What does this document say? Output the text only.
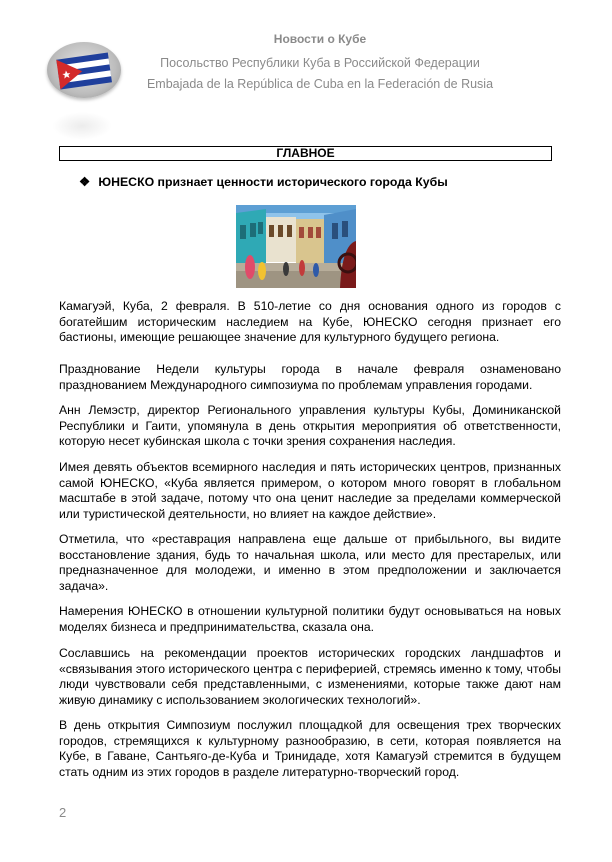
Новости о Кубе
Посольство Республики Куба в Российской Федерации
Embajada de la República de Cuba en la Federación de Rusia
ГЛАВНОЕ
❖ ЮНЕСКО признает ценности исторического города Кубы
Камагуэй, Куба, 2 февраля. В 510-летие со дня основания одного из городов с богатейшим историческим наследием на Кубе, ЮНЕСКО сегодня признает его бастионы, имеющие решающее значение для культурного будущего региона.
Празднование Недели культуры города в начале февраля ознаменовано празднованием Международного симпозиума по проблемам управления городами.
Анн Лемэстр, директор Регионального управления культуры Кубы, Доминиканской Республики и Гаити, упомянула в день открытия мероприятия об ответственности, которую несет кубинская школа с точки зрения сохранения наследия.
Имея девять объектов всемирного наследия и пять исторических центров, признанных самой ЮНЕСКО, «Куба является примером, о котором много говорят в глобальном масштабе в этой задаче, потому что она ценит наследие за пределами коммерческой или туристической деятельности, но влияет на каждое действие».
Отметила, что «реставрация направлена еще дальше от прибыльного, вы видите восстановление здания, будь то начальная школа, или место для престарелых, или предназначенное для молодежи, и именно в этом предположении и заключается задача».
Намерения ЮНЕСКО в отношении культурной политики будут основываться на новых моделях бизнеса и предпринимательства, сказала она.
Сославшись на рекомендации проектов исторических городских ландшафтов и «связывания этого исторического центра с периферией, стремясь именно к тому, чтобы люди чувствовали себя представленными, с изменениями, которые также дают нам живую динамику с использованием экологических технологий».
В день открытия Симпозиум послужил площадкой для освещения трех творческих городов, стремящихся к культурному разнообразию, в сети, которая появляется на Кубе, в Гаване, Сантьяго-де-Куба и Тринидаде, хотя Камагуэй стремится в будущем стать одним из этих городов в разделе литературно-творческий город.
2
